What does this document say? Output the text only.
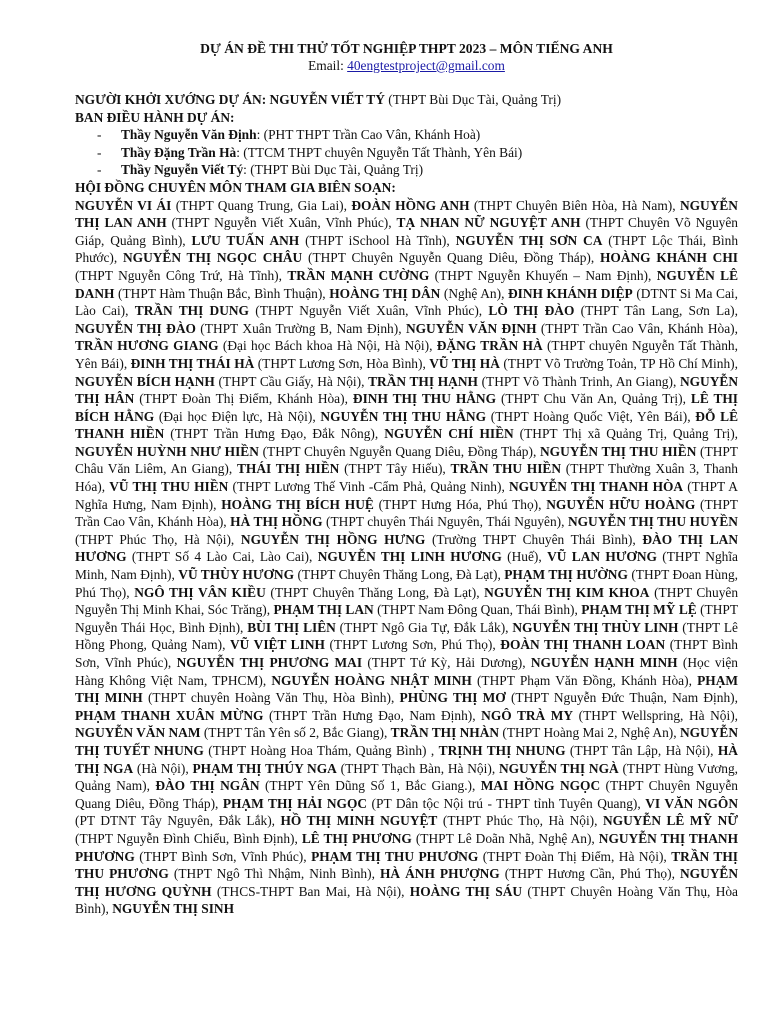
DỰ ÁN ĐỀ THI THỬ TỐT NGHIỆP THPT 2023 – MÔN TIẾNG ANH

Email: 40engtestproject@gmail.com

NGƯỜI KHỞI XƯỚNG DỰ ÁN: NGUYỄN VIẾT TÝ (THPT Bùi Dục Tài, Quảng Trị)

BAN ĐIỀU HÀNH DỰ ÁN:

- Thầy Nguyễn Văn Định: (PHT THPT Trần Cao Vân, Khánh Hoà)
- Thầy Đặng Trần Hà: (TTCM THPT chuyên Nguyễn Tất Thành, Yên Bái)
- Thầy Nguyễn Viết Tý: (THPT Bùi Dục Tài, Quảng Trị)

HỘI ĐỒNG CHUYÊN MÔN THAM GIA BIÊN SOẠN:

NGUYỄN VI ÁI (THPT Quang Trung, Gia Lai), ĐOÀN HỒNG ANH (THPT Chuyên Biên Hòa, Hà Nam), NGUYỄN THỊ LAN ANH (THPT Nguyễn Viết Xuân, Vĩnh Phúc), TẠ NHAN NỮ NGUYỆT ANH (THPT Chuyên Võ Nguyên Giáp, Quảng Bình), LƯU TUẤN ANH (THPT iSchool Hà Tĩnh), NGUYỄN THỊ SƠN CA (THPT Lộc Thái, Bình Phước), NGUYỄN THỊ NGỌC CHÂU (THPT Chuyên Nguyễn Quang Diêu, Đồng Tháp), HOÀNG KHÁNH CHI (THPT Nguyễn Công Trứ, Hà Tĩnh), TRẦN MẠNH CƯỜNG (THPT Nguyễn Khuyến – Nam Định), NGUYỄN LÊ DANH (THPT Hàm Thuận Bắc, Bình Thuận), HOÀNG THỊ DÂN (Nghệ An), ĐINH KHÁNH DIỆP (DTNT Si Ma Cai, Lào Cai), TRẦN THỊ DUNG (THPT Nguyễn Viết Xuân, Vĩnh Phúc), LÒ THỊ ĐÀO (THPT Tân Lang, Sơn La), NGUYỄN THỊ ĐÀO (THPT Xuân Trường B, Nam Định), NGUYỄN VĂN ĐỊNH (THPT Trần Cao Vân, Khánh Hòa), TRẦN HƯƠNG GIANG (Đại học Bách khoa Hà Nội, Hà Nội), ĐẶNG TRẦN HÀ (THPT chuyên Nguyễn Tất Thành, Yên Bái), ĐINH THỊ THÁI HÀ (THPT Lương Sơn, Hòa Bình), VŨ THỊ HÀ (THPT Võ Trường Toản, TP Hồ Chí Minh), NGUYỄN BÍCH HẠNH (THPT Cầu Giấy, Hà Nội), TRẦN THỊ HẠNH (THPT Võ Thành Trinh, An Giang), NGUYỄN THỊ HÂN (THPT Đoàn Thị Điểm, Khánh Hòa), ĐINH THỊ THU HẰNG (THPT Chu Văn An, Quảng Trị), LÊ THỊ BÍCH HẰNG (Đại học Điện lực, Hà Nội), NGUYỄN THỊ THU HẰNG (THPT Hoàng Quốc Việt, Yên Bái), ĐỖ LÊ THANH HIỀN (THPT Trần Hưng Đạo, Đắk Nông), NGUYỄN CHÍ HIỀN (THPT Thị xã Quảng Trị, Quảng Trị), NGUYỄN HUỲNH NHƯ HIỀN (THPT Chuyên Nguyễn Quang Diêu, Đồng Tháp), NGUYỄN THỊ THU HIỀN (THPT Châu Văn Liêm, An Giang), THÁI THỊ HIỀN (THPT Tây Hiếu), TRẦN THU HIỀN (THPT Thường Xuân 3, Thanh Hóa), VŨ THỊ THU HIỀN (THPT Lương Thế Vinh -Cẩm Phả, Quảng Ninh), NGUYỄN THỊ THANH HÒA (THPT A Nghĩa Hưng, Nam Định), HOÀNG THỊ BÍCH HUỆ (THPT Hưng Hóa, Phú Thọ), NGUYỄN HỮU HOÀNG (THPT Trần Cao Vân, Khánh Hòa), HÀ THỊ HỒNG (THPT chuyên Thái Nguyên, Thái Nguyên), NGUYỄN THỊ THU HUYỀN (THPT Phúc Thọ, Hà Nội), NGUYỄN THỊ HỒNG HƯNG (Trường THPT Chuyên Thái Bình), ĐÀO THỊ LAN HƯƠNG (THPT Số 4 Lào Cai, Lào Cai), NGUYỄN THỊ LINH HƯƠNG (Huế), VŨ LAN HƯƠNG (THPT Nghĩa Minh, Nam Định), VŨ THÙY HƯƠNG (THPT Chuyên Thăng Long, Đà Lạt), PHẠM THỊ HƯỜNG (THPT Đoan Hùng, Phú Thọ), NGÔ THỊ VÂN KIỀU (THPT Chuyên Thăng Long, Đà Lạt), NGUYỄN THỊ KIM KHOA (THPT Chuyên Nguyễn Thị Minh Khai, Sóc Trăng), PHẠM THỊ LAN (THPT Nam Đông Quan, Thái Bình), PHẠM THỊ MỸ LỆ (THPT Nguyễn Thái Học, Bình Định), BÙI THỊ LIÊN (THPT Ngô Gia Tự, Đắk Lắk), NGUYỄN THỊ THÙY LINH (THPT Lê Hồng Phong, Quảng Nam), VŨ VIỆT LINH (THPT Lương Sơn, Phú Thọ), ĐOÀN THỊ THANH LOAN (THPT Bình Sơn, Vĩnh Phúc), NGUYỄN THỊ PHƯƠNG MAI (THPT Tứ Kỳ, Hải Dương), NGUYỄN HẠNH MINH (Học viện Hàng Không Việt Nam, TPHCM), NGUYỄN HOÀNG NHẬT MINH (THPT Phạm Văn Đồng, Khánh Hòa), PHẠM THỊ MINH (THPT chuyên Hoàng Văn Thụ, Hòa Bình), PHÙNG THỊ MƠ (THPT Nguyễn Đức Thuận, Nam Định), PHẠM THANH XUÂN MỪNG (THPT Trần Hưng Đạo, Nam Định), NGÔ TRÀ MY (THPT Wellspring, Hà Nội), NGUYỄN VĂN NAM (THPT Tân Yên số 2, Bắc Giang), TRẦN THỊ NHÀN (THPT Hoàng Mai 2, Nghệ An), NGUYỄN THỊ TUYẾT NHUNG (THPT Hoàng Hoa Thám, Quảng Bình) , TRỊNH THỊ NHUNG (THPT Tân Lập, Hà Nội), HÀ THỊ NGA (Hà Nội), PHẠM THỊ THÚY NGA (THPT Thạch Bàn, Hà Nội), NGUYỄN THỊ NGÀ (THPT Hùng Vương, Quảng Nam), ĐÀO THỊ NGÂN (THPT Yên Dũng Số 1, Bắc Giang.), MAI HỒNG NGỌC (THPT Chuyên Nguyễn Quang Diêu, Đồng Tháp), PHẠM THỊ HẢI NGỌC (PT Dân tộc Nội trú - THPT tỉnh Tuyên Quang), VI VĂN NGÔN (PT DTNT Tây Nguyên, Đắk Lắk), HỒ THỊ MINH NGUYỆT (THPT Phúc Thọ, Hà Nội), NGUYỄN LÊ MỸ NỮ (THPT Nguyễn Đình Chiểu, Bình Định), LÊ THỊ PHƯƠNG (THPT Lê Doãn Nhã, Nghệ An), NGUYỄN THỊ THANH PHƯƠNG (THPT Bình Sơn, Vĩnh Phúc), PHẠM THỊ THU PHƯƠNG (THPT Đoàn Thị Điểm, Hà Nội), TRẦN THỊ THU PHƯƠNG (THPT Ngô Thì Nhậm, Ninh Bình), HÀ ÁNH PHƯỢNG (THPT Hương Cần, Phú Thọ), NGUYỄN THỊ HƯƠNG QUỲNH (THCS-THPT Ban Mai, Hà Nội), HOÀNG THỊ SÁU (THPT Chuyên Hoàng Văn Thụ, Hòa Bình), NGUYỄN THỊ SINH
